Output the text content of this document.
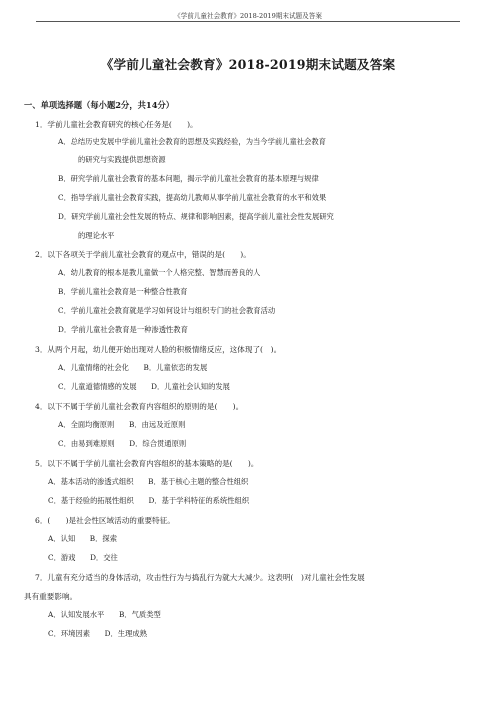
《学前儿童社会教育》2018-2019期末试题及答案
《学前儿童社会教育》2018-2019期末试题及答案
一、单项选择题（每小题2分，共14分）
1．学前儿童社会教育研究的核心任务是(　　)。
A．总结历史发展中学前儿童社会教育的思想及实践经验，为当今学前儿童社会教育
的研究与实践提供思想资源
B．研究学前儿童社会教育的基本问题，揭示学前儿童社会教育的基本原理与规律
C．指导学前儿童社会教育实践，提高幼儿教师从事学前儿童社会教育的水平和效果
D．研究学前儿童社会性发展的特点、规律和影响因素，提高学前儿童社会性发展研究
的理论水平
2．以下各项关于学前儿童社会教育的观点中，错误的是(　　)。
A．幼儿教育的根本是教儿童做一个人格完整、智慧而善良的人
B．学前儿童社会教育是一种整合性教育
C．学前儿童社会教育就是学习如何设计与组织专门的社会教育活动
D．学前儿童社会教育是一种渗透性教育
3．从两个月起，幼儿便开始出现对人脸的积极情绪反应，这体现了(　)。
A．儿童情绪的社会化　　B．儿童依恋的发展
C．儿童道德情感的发展　　D．儿童社会认知的发展
4．以下不属于学前儿童社会教育内容组织的原则的是(　　)。
A．全面均衡原则　　B．由远及近原则
C．由易到难原则　　D．综合贯通原则
5．以下不属于学前儿童社会教育内容组织的基本策略的是(　　)。
A．基本活动的渗透式组织　　B．基于核心主题的整合性组织
C．基于经验的拓展性组织　　D．基于学科特征的系统性组织
6．(　　)是社会性区域活动的重要特征。
A．认知　　B．探索
C．游戏　　D．交往
7．儿童有充分适当的身体活动，攻击性行为与捣乱行为就大大减少。这表明(　)对儿童社会性发展
具有重要影响。
A．认知发展水平　　B．气质类型
C．环境因素　　D．生理成熟
